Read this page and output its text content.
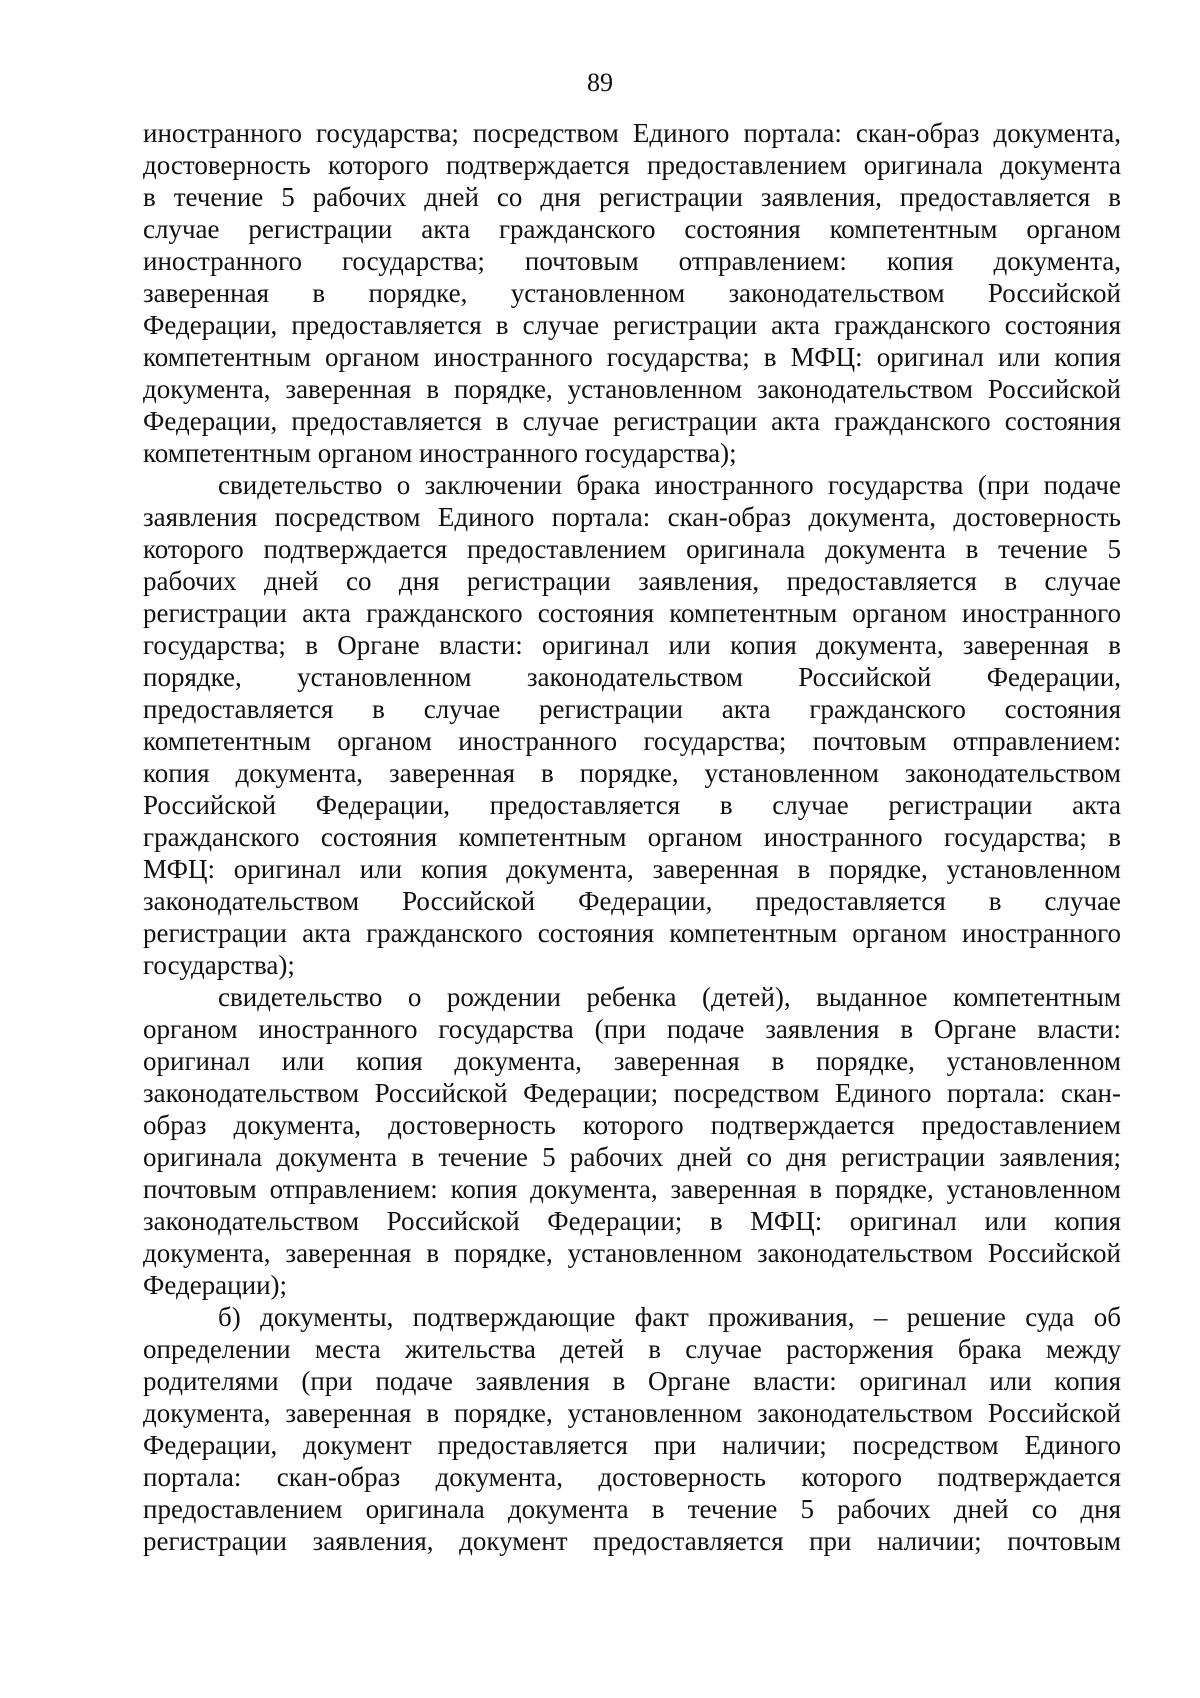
89
иностранного государства; посредством Единого портала: скан-образ документа,
достоверность которого подтверждается предоставлением оригинала документа
в течение 5 рабочих дней со дня регистрации заявления, предоставляется в
случае регистрации акта гражданского состояния компетентным органом
иностранного государства; почтовым отправлением: копия документа,
заверенная в порядке, установленном законодательством Российской
Федерации, предоставляется в случае регистрации акта гражданского состояния
компетентным органом иностранного государства; в МФЦ: оригинал или копия
документа, заверенная в порядке, установленном законодательством Российской
Федерации, предоставляется в случае регистрации акта гражданского состояния
компетентным органом иностранного государства);
свидетельство о заключении брака иностранного государства (при подаче
заявления посредством Единого портала: скан-образ документа, достоверность
которого подтверждается предоставлением оригинала документа в течение 5
рабочих дней со дня регистрации заявления, предоставляется в случае
регистрации акта гражданского состояния компетентным органом иностранного
государства; в Органе власти: оригинал или копия документа, заверенная в
порядке, установленном законодательством Российской Федерации,
предоставляется в случае регистрации акта гражданского состояния
компетентным органом иностранного государства; почтовым отправлением:
копия документа, заверенная в порядке, установленном законодательством
Российской Федерации, предоставляется в случае регистрации акта
гражданского состояния компетентным органом иностранного государства; в
МФЦ: оригинал или копия документа, заверенная в порядке, установленном
законодательством Российской Федерации, предоставляется в случае
регистрации акта гражданского состояния компетентным органом иностранного
государства);
свидетельство о рождении ребенка (детей), выданное компетентным
органом иностранного государства (при подаче заявления в Органе власти:
оригинал или копия документа, заверенная в порядке, установленном
законодательством Российской Федерации; посредством Единого портала: скан-
образ документа, достоверность которого подтверждается предоставлением
оригинала документа в течение 5 рабочих дней со дня регистрации заявления;
почтовым отправлением: копия документа, заверенная в порядке, установленном
законодательством Российской Федерации; в МФЦ: оригинал или копия
документа, заверенная в порядке, установленном законодательством Российской
Федерации);
б) документы, подтверждающие факт проживания, – решение суда об
определении места жительства детей в случае расторжения брака между
родителями (при подаче заявления в Органе власти: оригинал или копия
документа, заверенная в порядке, установленном законодательством Российской
Федерации, документ предоставляется при наличии; посредством Единого
портала: скан-образ документа, достоверность которого подтверждается
предоставлением оригинала документа в течение 5 рабочих дней со дня
регистрации заявления, документ предоставляется при наличии; почтовым
